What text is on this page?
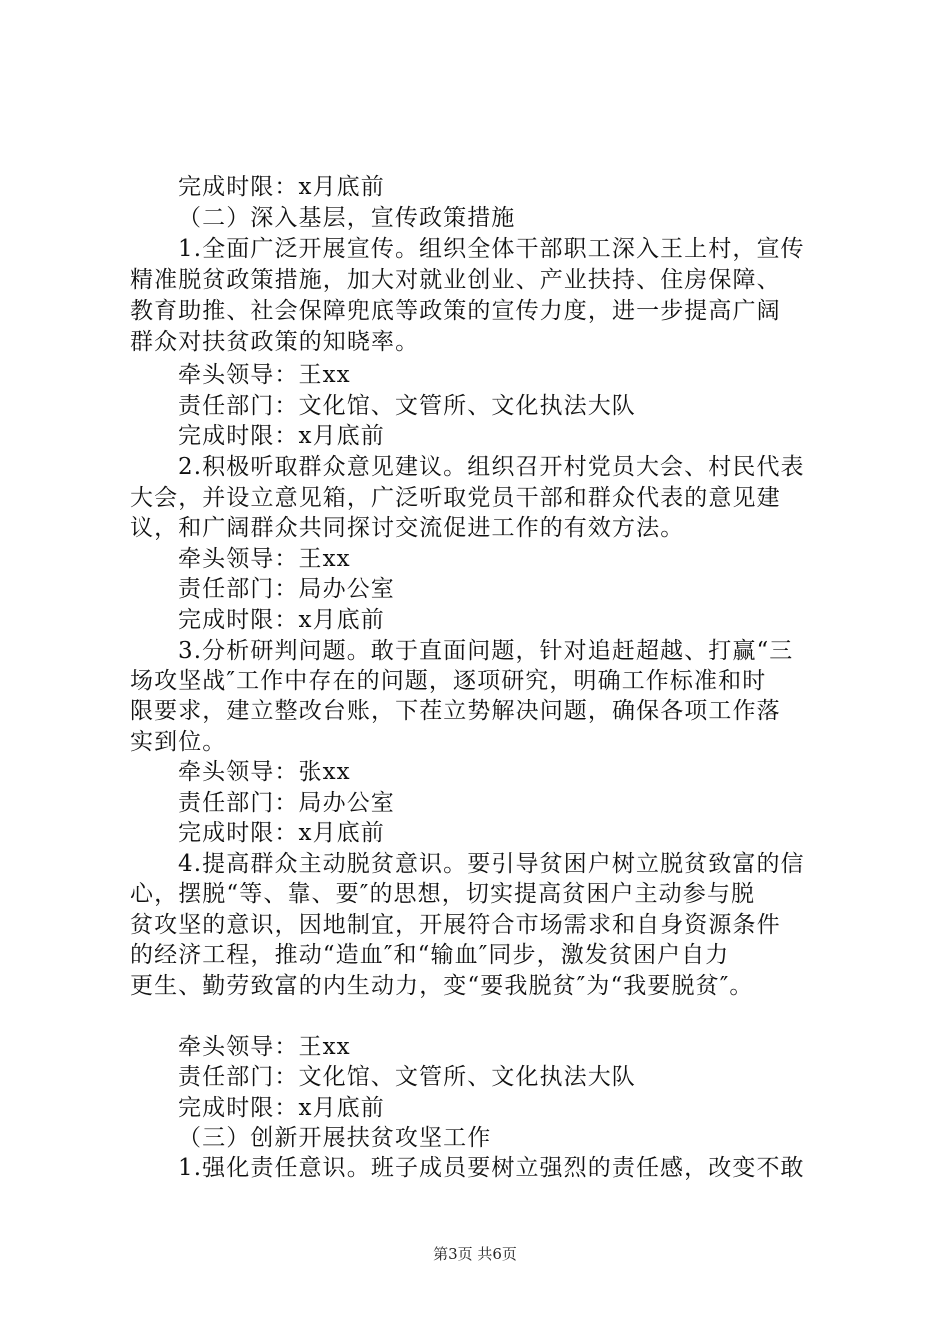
完成时限：x月底前
（二）深入基层，宣传政策措施
1.全面广泛开展宣传。组织全体干部职工深入王上村，宣传
精准脱贫政策措施，加大对就业创业、产业扶持、住房保障、
教育助推、社会保障兜底等政策的宣传力度，进一步提高广阔
群众对扶贫政策的知晓率。
牵头领导：王xx
责任部门：文化馆、文管所、文化执法大队
完成时限：x月底前
2.积极听取群众意见建议。组织召开村党员大会、村民代表
大会，并设立意见箱，广泛听取党员干部和群众代表的意见建
议，和广阔群众共同探讨交流促进工作的有效方法。
牵头领导：王xx
责任部门：局办公室
完成时限：x月底前
3.分析研判问题。敢于直面问题，针对追赶超越、打赢“三
场攻坚战″工作中存在的问题，逐项研究，明确工作标准和时
限要求，建立整改台账，下茬立势解决问题，确保各项工作落
实到位。
牵头领导：张xx
责任部门：局办公室
完成时限：x月底前
4.提高群众主动脱贫意识。要引导贫困户树立脱贫致富的信
心，摆脱“等、靠、要″的思想，切实提高贫困户主动参与脱
贫攻坚的意识，因地制宜，开展符合市场需求和自身资源条件
的经济工程，推动“造血″和“输血″同步，激发贫困户自力
更生、勤劳致富的内生动力，变“要我脱贫″为“我要脱贫″。
牵头领导：王xx
责任部门：文化馆、文管所、文化执法大队
完成时限：x月底前
（三）创新开展扶贫攻坚工作
1.强化责任意识。班子成员要树立强烈的责任感，改变不敢
第3页 共6页
